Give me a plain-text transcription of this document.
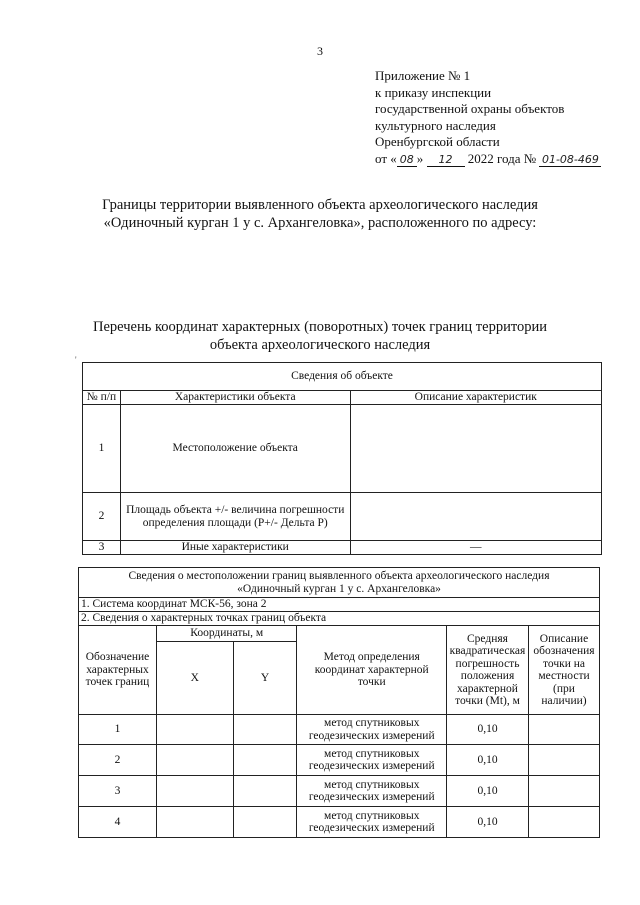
3
Приложение № 1
к приказу инспекции
государственной охраны объектов
культурного наследия
Оренбургской области
от « 08 » 12 2022 года № 01-08-469
Границы территории выявленного объекта археологического наследия
«Одиночный курган 1 у с. Архангеловка», расположенного по адресу:
Перечень координат характерных (поворотных) точек границ территории
объекта археологического наследия
'
Сведения об объекте		
№ п/п	Характеристики объекта	Описание характеристик
1	Местоположение объекта	
2	Площадь объекта +/- величина погрешности определения площади (Р+/- Дельта Р)	
3	Иные характеристики	—
Сведения о местоположении границ выявленного объекта археологического наследия
«Одиночный курган 1 у с. Архангеловка»					

1. Система координат МСК-56, зона 2					
2. Сведения о характерных точках границ объекта					
Обозначение характерных точек границ	Координаты, м		Метод определения координат характерной точки	Средняя квадратическая погрешность положения характерной точки (Mt), м	Описание обозначения точки на местности (при наличии)
	X	Y			
1			метод спутниковых геодезических измерений	0,10	
2			метод спутниковых геодезических измерений	0,10	
3			метод спутниковых геодезических измерений	0,10	
4			метод спутниковых геодезических измерений	0,10	
